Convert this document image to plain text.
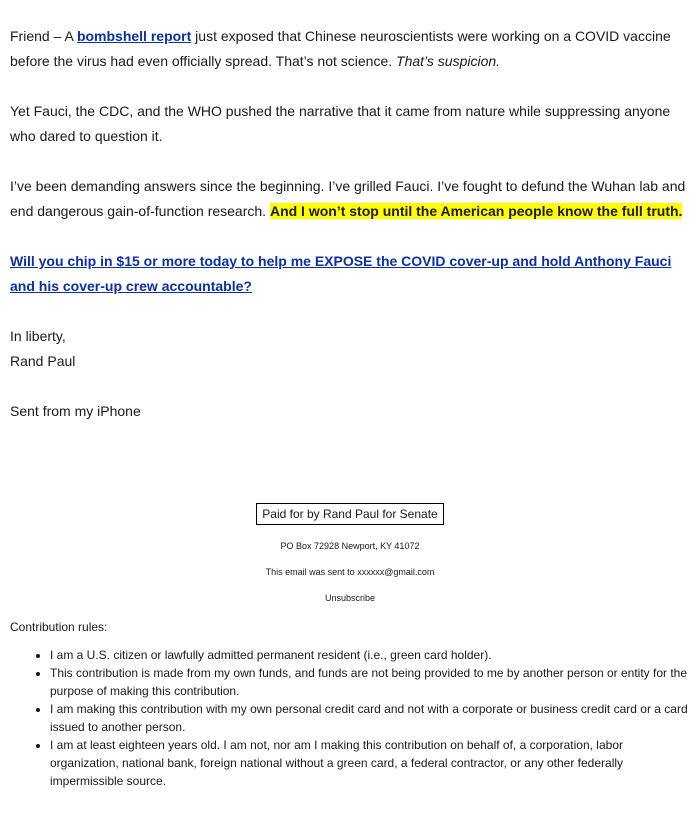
Friend – A bombshell report just exposed that Chinese neuroscientists were working on a COVID vaccine before the virus had even officially spread. That’s not science. That’s suspicion.

Yet Fauci, the CDC, and the WHO pushed the narrative that it came from nature while suppressing anyone who dared to question it.

I’ve been demanding answers since the beginning. I’ve grilled Fauci. I’ve fought to defund the Wuhan lab and end dangerous gain-of-function research. And I won’t stop until the American people know the full truth.

Will you chip in $15 or more today to help me EXPOSE the COVID cover-up and hold Anthony Fauci and his cover-up crew accountable?

In liberty,
Rand Paul

Sent from my iPhone

Paid for by Rand Paul for Senate
PO Box 72928 Newport, KY 41072
This email was sent to xxxxxx@gmail.com
Unsubscribe
Contribution rules:
• I am a U.S. citizen or lawfully admitted permanent resident (i.e., green card holder).
• This contribution is made from my own funds, and funds are not being provided to me by another person or entity for the purpose of making this contribution.
• I am making this contribution with my own personal credit card and not with a corporate or business credit card or a card issued to another person.
• I am at least eighteen years old. I am not, nor am I making this contribution on behalf of, a corporation, labor organization, national bank, foreign national without a green card, a federal contractor, or any other federally impermissible source.
